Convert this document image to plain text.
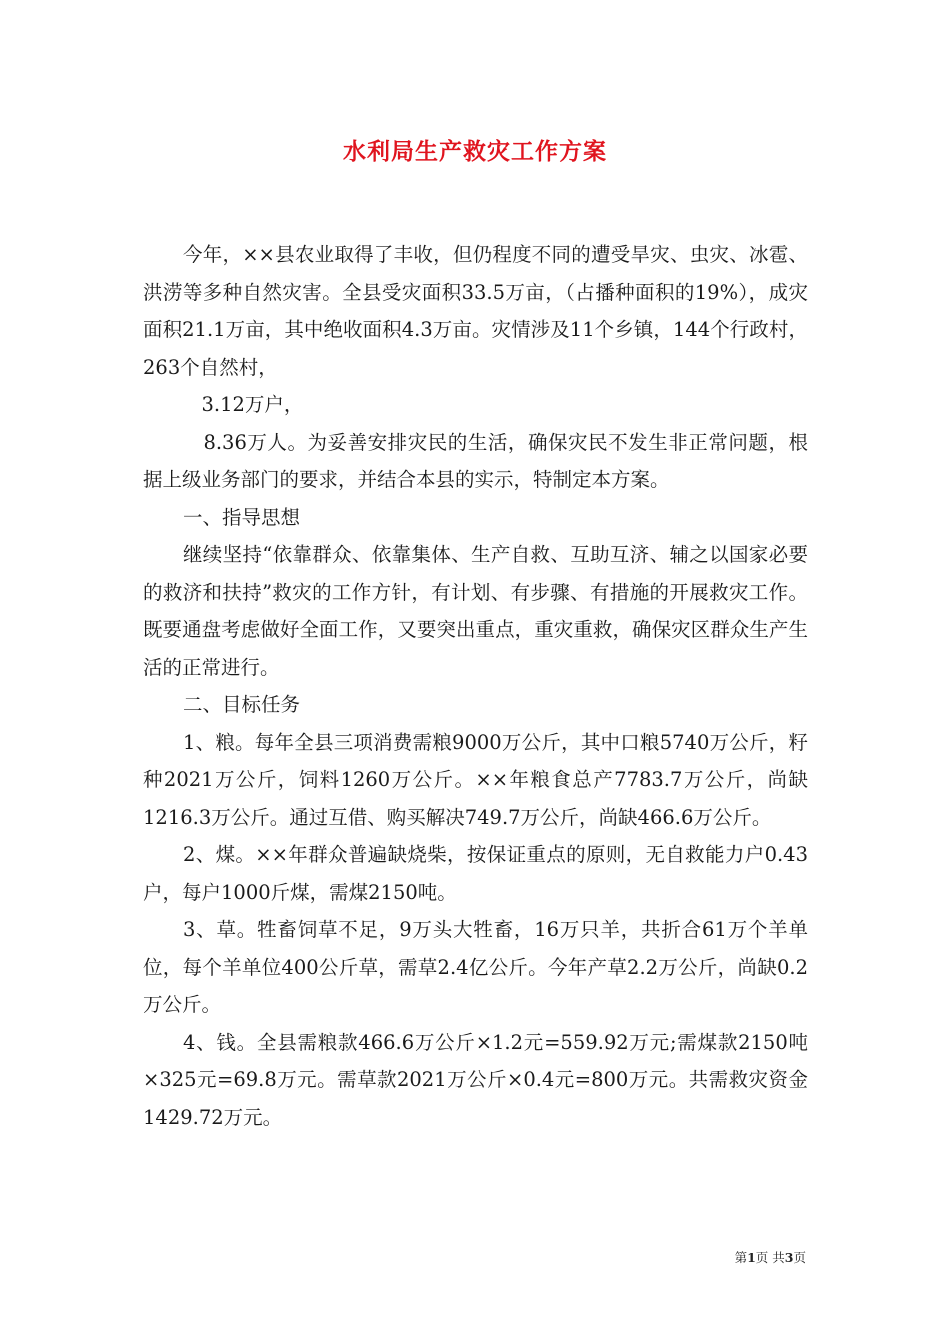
水利局生产救灾工作方案

今年，××县农业取得了丰收，但仍程度不同的遭受旱灾、虫灾、冰雹、洪涝等多种自然灾害。全县受灾面积33.5万亩，（占播种面积的19%），成灾面积21.1万亩，其中绝收面积4.3万亩。灾情涉及11个乡镇，144个行政村，263个自然村，

3.12万户，

8.36万人。为妥善安排灾民的生活，确保灾民不发生非正常问题，根据上级业务部门的要求，并结合本县的实示，特制定本方案。

一、指导思想

继续坚持“依靠群众、依靠集体、生产自救、互助互济、辅之以国家必要的救济和扶持”救灾的工作方针，有计划、有步骤、有措施的开展救灾工作。既要通盘考虑做好全面工作，又要突出重点，重灾重救，确保灾区群众生产生活的正常进行。

二、目标任务

1、粮。每年全县三项消费需粮9000万公斤，其中口粮5740万公斤，籽种2021万公斤，饲料1260万公斤。××年粮食总产7783.7万公斤，尚缺1216.3万公斤。通过互借、购买解决749.7万公斤，尚缺466.6万公斤。

2、煤。××年群众普遍缺烧柴，按保证重点的原则，无自救能力户0.43户，每户1000斤煤，需煤2150吨。

3、草。牲畜饲草不足，9万头大牲畜，16万只羊，共折合61万个羊单位，每个羊单位400公斤草，需草2.4亿公斤。今年产草2.2万公斤，尚缺0.2万公斤。

4、钱。全县需粮款466.6万公斤×1.2元=559.92万元;需煤款2150吨×325元=69.8万元。需草款2021万公斤×0.4元=800万元。共需救灾资金1429.72万元。

第1页 共3页
